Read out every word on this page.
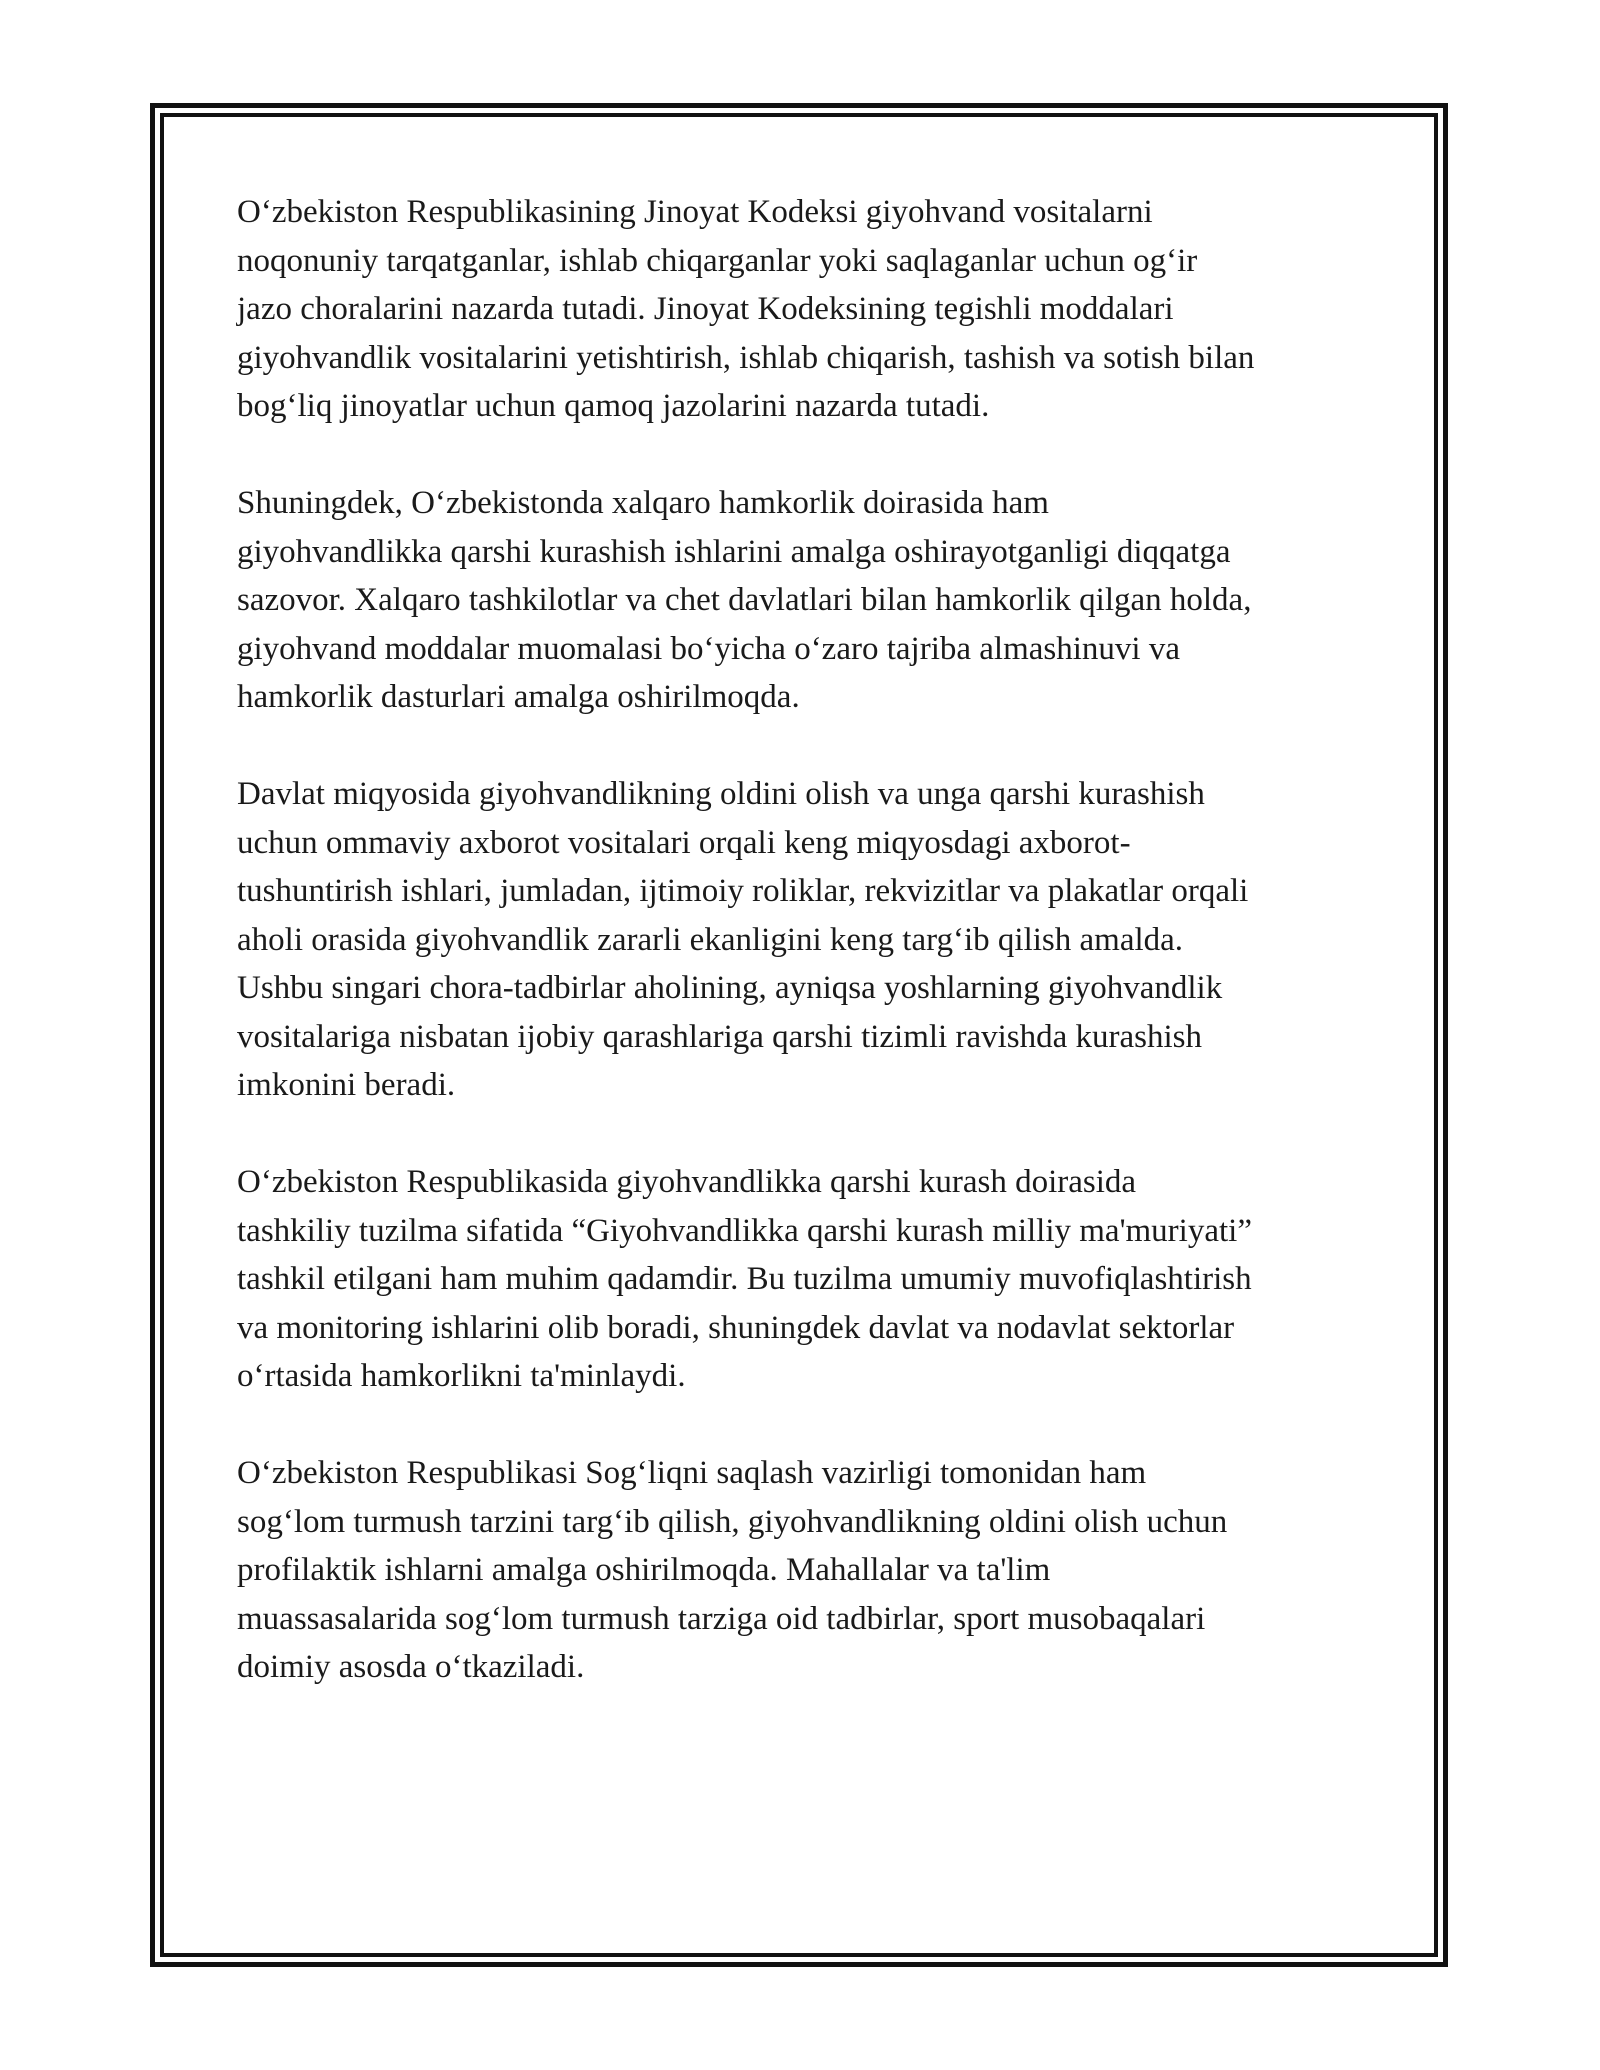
O‘zbekiston Respublikasining Jinoyat Kodeksi giyohvand vositalarni
noqonuniy tarqatganlar, ishlab chiqarganlar yoki saqlaganlar uchun og‘ir
jazo choralarini nazarda tutadi. Jinoyat Kodeksining tegishli moddalari
giyohvandlik vositalarini yetishtirish, ishlab chiqarish, tashish va sotish bilan
bog‘liq jinoyatlar uchun qamoq jazolarini nazarda tutadi.

Shuningdek, O‘zbekistonda xalqaro hamkorlik doirasida ham
giyohvandlikka qarshi kurashish ishlarini amalga oshirayotganligi diqqatga
sazovor. Xalqaro tashkilotlar va chet davlatlari bilan hamkorlik qilgan holda,
giyohvand moddalar muomalasi bo‘yicha o‘zaro tajriba almashinuvi va
hamkorlik dasturlari amalga oshirilmoqda.

Davlat miqyosida giyohvandlikning oldini olish va unga qarshi kurashish
uchun ommaviy axborot vositalari orqali keng miqyosdagi axborot-
tushuntirish ishlari, jumladan, ijtimoiy roliklar, rekvizitlar va plakatlar orqali
aholi orasida giyohvandlik zararli ekanligini keng targ‘ib qilish amalda.
Ushbu singari chora-tadbirlar aholining, ayniqsa yoshlarning giyohvandlik
vositalariga nisbatan ijobiy qarashlariga qarshi tizimli ravishda kurashish
imkonini beradi.

O‘zbekiston Respublikasida giyohvandlikka qarshi kurash doirasida
tashkiliy tuzilma sifatida “Giyohvandlikka qarshi kurash milliy ma'muriyati”
tashkil etilgani ham muhim qadamdir. Bu tuzilma umumiy muvofiqlashtirish
va monitoring ishlarini olib boradi, shuningdek davlat va nodavlat sektorlar
o‘rtasida hamkorlikni ta'minlaydi.

O‘zbekiston Respublikasi Sog‘liqni saqlash vazirligi tomonidan ham
sog‘lom turmush tarzini targ‘ib qilish, giyohvandlikning oldini olish uchun
profilaktik ishlarni amalga oshirilmoqda. Mahallalar va ta'lim
muassasalarida sog‘lom turmush tarziga oid tadbirlar, sport musobaqalari
doimiy asosda o‘tkaziladi.
